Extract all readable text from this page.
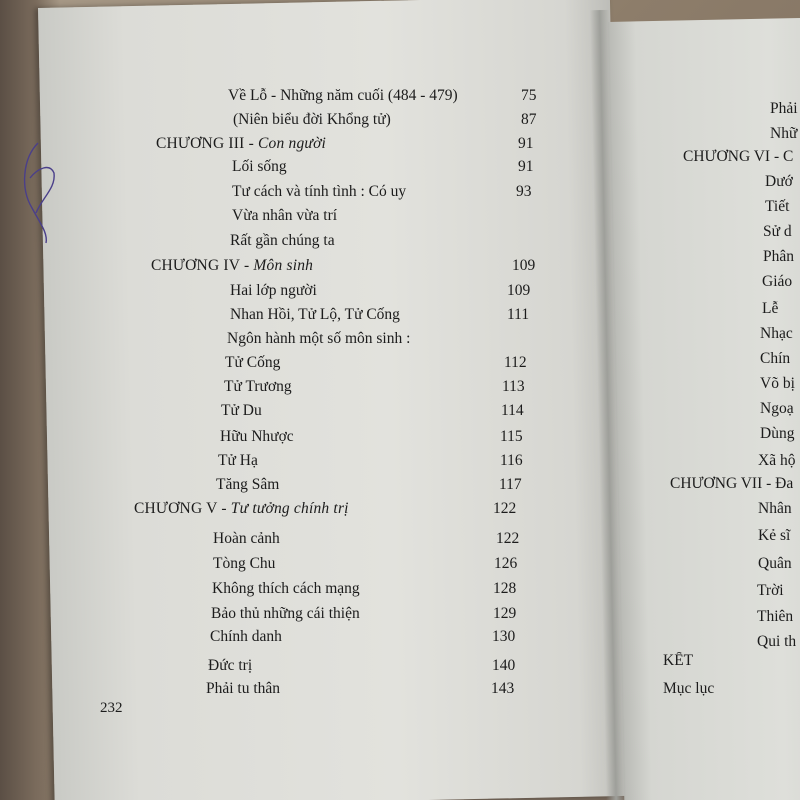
Về Lỗ - Những năm cuối (484 - 479)	75
(Niên biểu đời Khổng tử)	87
CHƯƠNG III - Con người	91
Lối sống	91
Tư cách và tính tình : Có uy	93
Vừa nhân vừa trí
Rất gần chúng ta
CHƯƠNG IV - Môn sinh	109
Hai lớp người	109
Nhan Hồi, Tử Lộ, Tử Cống	111
Ngôn hành một số môn sinh :
Tử Cống	112
Tử Trương	113
Tử Du	114
Hữu Nhược	115
Tử Hạ	116
Tăng Sâm	117
CHƯƠNG V - Tư tưởng chính trị	122
Hoàn cảnh	122
Tòng Chu	126
Không thích cách mạng	128
Bảo thủ những cái thiện	129
Chính danh	130
Đức trị	140
Phải tu thân	143
Phải
Nhữ
CHƯƠNG VI - C
Dướ
Tiết
Sử d
Phân
Giáo
Lễ
Nhạc
Chín
Võ bị
Ngoạ
Dùng
Xã hộ
CHƯƠNG VII - Đa
Nhân
Kẻ sĩ
Quân
Trời
Thiên
Qui th
KẾT
Mục lục
232
